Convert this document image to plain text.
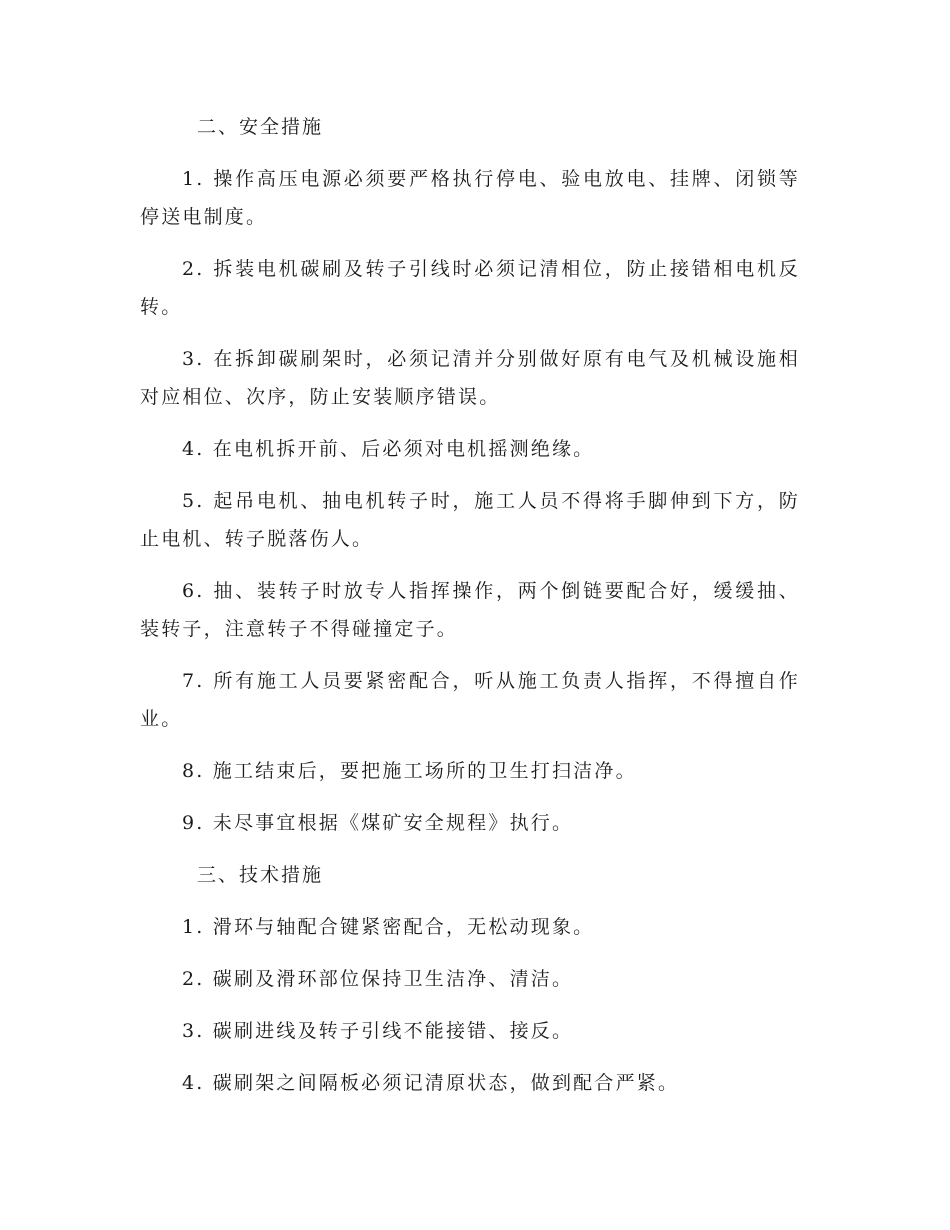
二、安全措施

1. 操作高压电源必须要严格执行停电、验电放电、挂牌、闭锁等停送电制度。

2. 拆装电机碳刷及转子引线时必须记清相位，防止接错相电机反转。

3. 在拆卸碳刷架时，必须记清并分别做好原有电气及机械设施相对应相位、次序，防止安装顺序错误。

4. 在电机拆开前、后必须对电机摇测绝缘。

5. 起吊电机、抽电机转子时，施工人员不得将手脚伸到下方，防止电机、转子脱落伤人。

6. 抽、装转子时放专人指挥操作，两个倒链要配合好，缓缓抽、装转子，注意转子不得碰撞定子。

7. 所有施工人员要紧密配合，听从施工负责人指挥，不得擅自作业。

8. 施工结束后，要把施工场所的卫生打扫洁净。

9. 未尽事宜根据《煤矿安全规程》执行。

三、技术措施

1. 滑环与轴配合键紧密配合，无松动现象。

2. 碳刷及滑环部位保持卫生洁净、清洁。

3. 碳刷进线及转子引线不能接错、接反。

4. 碳刷架之间隔板必须记清原状态，做到配合严紧。
